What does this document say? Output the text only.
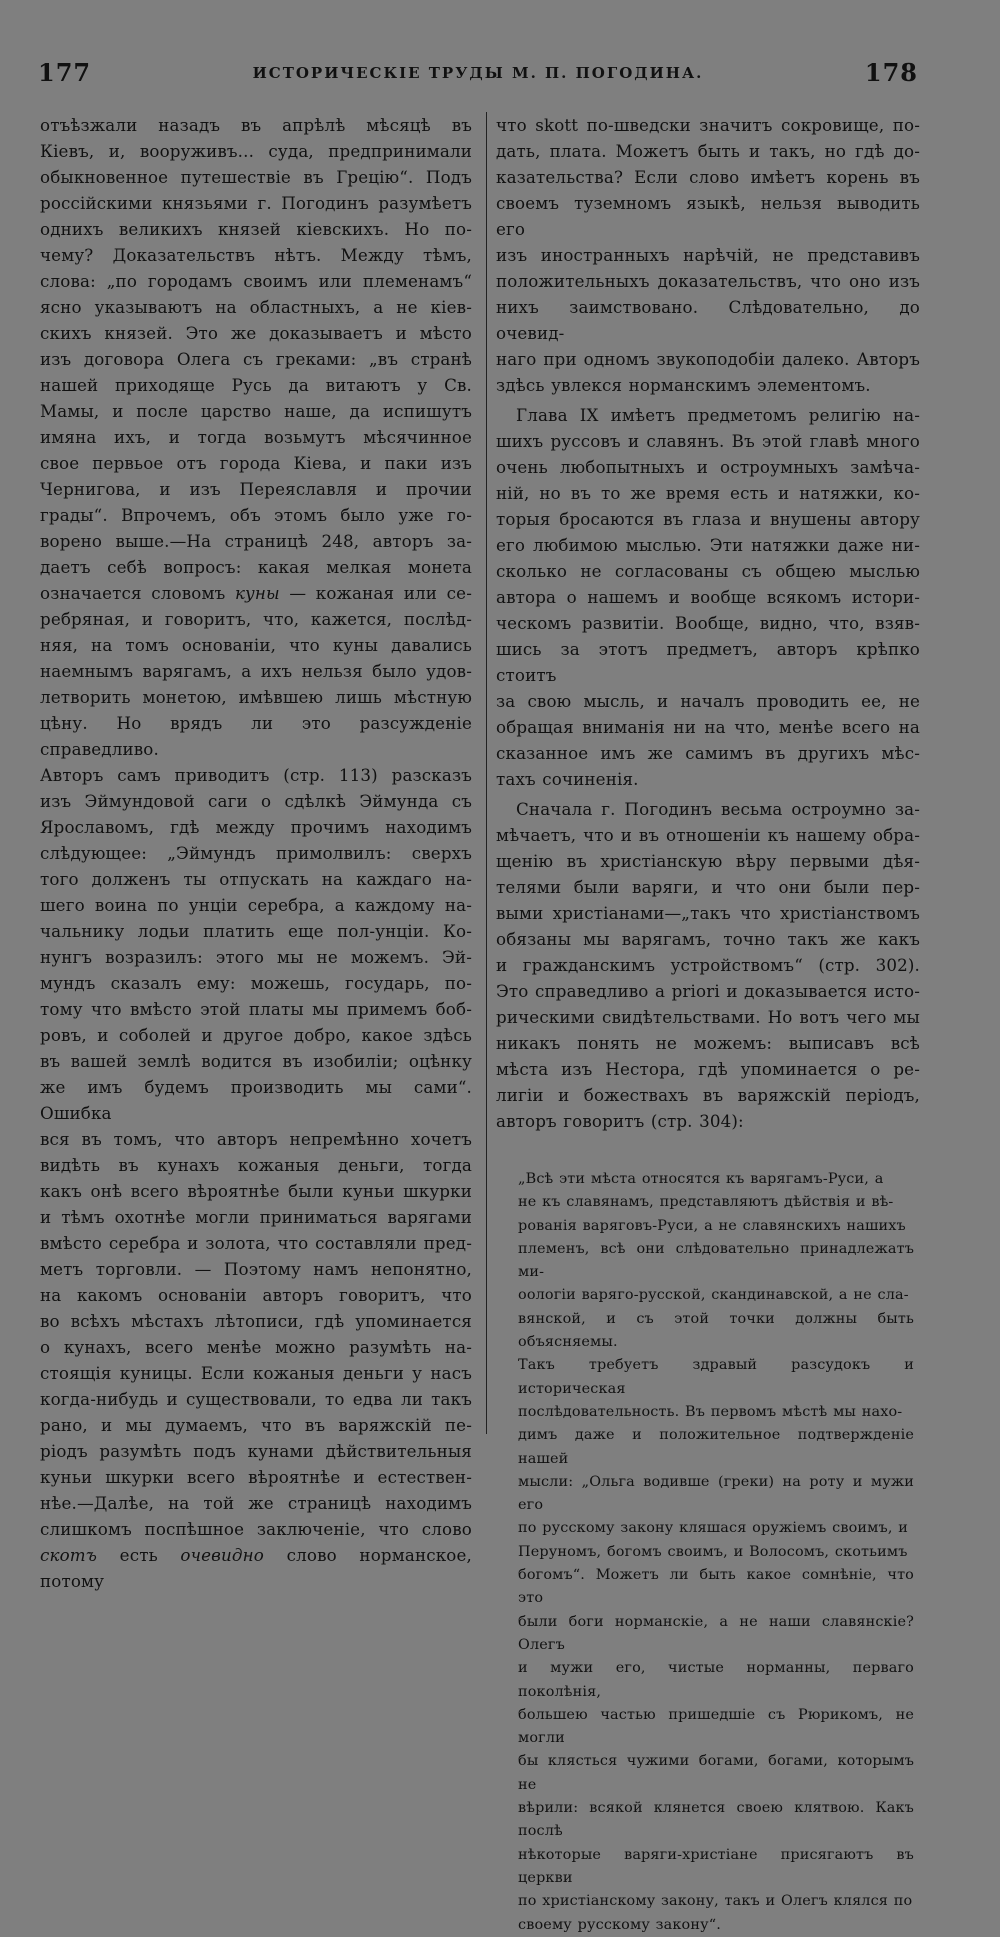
177	ИСТОРИЧЕСКІЕ ТРУДЫ М. П. ПОГОДИНА.	178

отъѣзжали назадъ въ апрѣлѣ мѣсяцѣ въ

Кіевъ, и, вооруживъ... суда, предпринимали

обыкновенное путешествіе въ Грецію“. Подъ

россійскими князьями г. Погодинъ разумѣетъ

однихъ великихъ князей кіевскихъ. Но по-

чему? Доказательствъ нѣтъ. Между тѣмъ,

слова: „по городамъ своимъ или племенамъ“

ясно указываютъ на областныхъ, а не кіев-

скихъ князей. Это же доказываетъ и мѣсто

изъ договора Олега съ греками: „въ странѣ

нашей приходяще Русь да витаютъ у Св.

Мамы, и после царство наше, да испишутъ

имяна ихъ, и тогда возьмутъ мѣсячинное

свое первьое отъ города Кіева, и паки изъ

Чернигова, и изъ Переяславля и прочии

грады“. Впрочемъ, объ этомъ было уже го-

ворено выше.—На страницѣ 248, авторъ за-

даетъ себѣ вопросъ: какая мелкая монета

означается словомъ куны — кожаная или се-

ребряная, и говоритъ, что, кажется, послѣд-

няя, на томъ основаніи, что куны давались

наемнымъ варягамъ, а ихъ нельзя было удов-

летворить монетою, имѣвшею лишь мѣстную

цѣну. Но врядъ ли это разсужденіе справедливо.

Авторъ самъ приводитъ (стр. 113) разсказъ

изъ Эймундовой саги о сдѣлкѣ Эймунда съ

Ярославомъ, гдѣ между прочимъ находимъ

слѣдующее: „Эймундъ примолвилъ: сверхъ

того долженъ ты отпускать на каждаго на-

шего воина по унціи серебра, а каждому на-

чальнику лодьи платить еще пол-унціи. Ко-

нунгъ возразилъ: этого мы не можемъ. Эй-

мундъ сказалъ ему: можешь, государь, по-

тому что вмѣсто этой платы мы примемъ боб-

ровъ, и соболей и другое добро, какое здѣсь

въ вашей землѣ водится въ изобиліи; оцѣнку

же имъ будемъ производить мы сами“. Ошибка

вся въ томъ, что авторъ непремѣнно хочетъ

видѣть въ кунахъ кожаныя деньги, тогда

какъ онѣ всего вѣроятнѣе были куньи шкурки

и тѣмъ охотнѣе могли приниматься варягами

вмѣсто серебра и золота, что составляли пред-

метъ торговли. — Поэтому намъ непонятно,

на какомъ основаніи авторъ говоритъ, что

во всѣхъ мѣстахъ лѣтописи, гдѣ упоминается

о кунахъ, всего менѣе можно разумѣть на-

стоящія куницы. Если кожаныя деньги у насъ

когда-нибудь и существовали, то едва ли такъ

рано, и мы думаемъ, что въ варяжскій пе-

ріодъ разумѣть подъ кунами дѣйствительныя

куньи шкурки всего вѣроятнѣе и естествен-

нѣе.—Далѣе, на той же страницѣ находимъ

слишкомъ поспѣшное заключеніе, что слово

скотъ есть очевидно слово норманское, потому

что skott по-шведски значитъ сокровище, по-

дать, плата. Можетъ быть и такъ, но гдѣ до-

казательства? Если слово имѣетъ корень въ

своемъ туземномъ языкѣ, нельзя выводить его

изъ иностранныхъ нарѣчій, не представивъ

положительныхъ доказательствъ, что оно изъ

нихъ заимствовано. Слѣдовательно, до очевид-

наго при одномъ звукоподобіи далеко. Авторъ

здѣсь увлекся норманскимъ элементомъ.

Глава IX имѣетъ предметомъ религію на-

шихъ руссовъ и славянъ. Въ этой главѣ много

очень любопытныхъ и остроумныхъ замѣча-

ній, но въ то же время есть и натяжки, ко-

торыя бросаются въ глаза и внушены автору

его любимою мыслью. Эти натяжки даже ни-

сколько не согласованы съ общею мыслью

автора о нашемъ и вообще всякомъ истори-

ческомъ развитіи. Вообще, видно, что, взяв-

шись за этотъ предметъ, авторъ крѣпко стоитъ

за свою мысль, и началъ проводить ее, не

обращая вниманія ни на что, менѣе всего на

сказанное имъ же самимъ въ другихъ мѣс-

тахъ сочиненія.

Сначала г. Погодинъ весьма остроумно за-

мѣчаетъ, что и въ отношеніи къ нашему обра-

щенію въ христіанскую вѣру первыми дѣя-

телями были варяги, и что они были пер-

выми христіанами—„такъ что христіанствомъ

обязаны мы варягамъ, точно такъ же какъ

и гражданскимъ устройствомъ“ (стр. 302).

Это справедливо a priori и доказывается исто-

рическими свидѣтельствами. Но вотъ чего мы

никакъ понять не можемъ: выписавъ всѣ

мѣста изъ Нестора, гдѣ упоминается о ре-

лигіи и божествахъ въ варяжскій періодъ,

авторъ говоритъ (стр. 304):

„Всѣ эти мѣста относятся къ варягамъ-Руси, а

не къ славянамъ, представляютъ дѣйствія и вѣ-

рованія варяговъ-Руси, а не славянскихъ нашихъ

племенъ, всѣ они слѣдовательно принадлежатъ ми-

оологіи варяго-русской, скандинавской, а не сла-

вянской, и съ этой точки должны быть объясняемы.

Такъ требуетъ здравый разсудокъ и историческая

послѣдовательность. Въ первомъ мѣстѣ мы нахо-

димъ даже и положительное подтвержденіе нашей

мысли: „Ольга водивше (греки) на роту и мужи его

по русскому закону кляшася оружіемъ своимъ, и

Перуномъ, богомъ своимъ, и Волосомъ, скотьимъ

богомъ“. Можетъ ли быть какое сомнѣніе, что это

были боги норманскіе, а не наши славянскіе? Олегъ

и мужи его, чистые норманны, перваго поколѣнія,

большею частью пришедшіе съ Рюрикомъ, не могли

бы клясться чужими богами, богами, которымъ не

вѣрили: всякой клянется своею клятвою. Какъ послѣ

нѣкоторые варяги-христіане присягаютъ въ церкви

по христіанскому закону, такъ и Олегъ клялся по

своему русскому закону“.
